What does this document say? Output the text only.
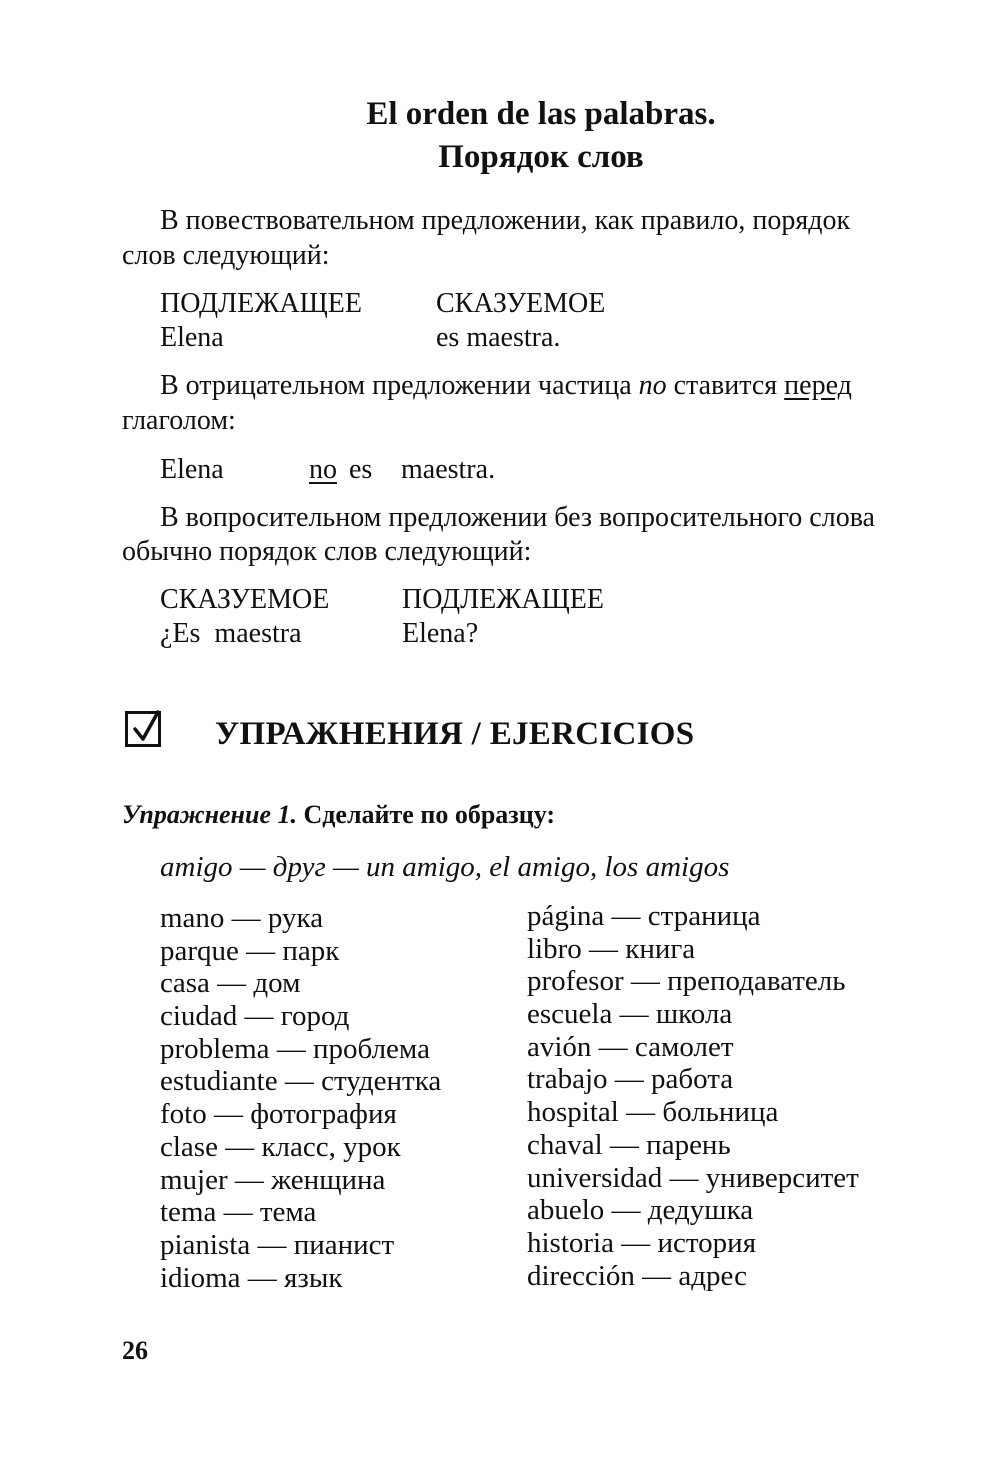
El orden de las palabras.
Порядок слов
В повествовательном предложении, как правило, порядок
слов следующий:
ПОДЛЕЖАЩЕЕ	СКАЗУЕМОЕ
Elena	es maestra.
В отрицательном предложении частица no ставится перед
глаголом:
Elena	no es maestra.
В вопросительном предложении без вопросительного слова
обычно порядок слов следующий:
СКАЗУЕМОЕ	ПОДЛЕЖАЩЕЕ
¿Es  maestra	Elena?
УПРАЖНЕНИЯ / EJERCICIOS
Упражнение 1. Сделайте по образцу:
amigo — друг — un amigo, el amigo, los amigos
mano — рука
parque — парк
casa — дом
ciudad — город
problema — проблема
estudiante — студентка
foto — фотография
clase — класс, урок
mujer — женщина
tema — тема
pianista — пианист
idioma — язык
página — страница
libro — книга
profesor — преподаватель
escuela — школа
avión — самолет
trabajo — работа
hospital — больница
chaval — парень
universidad — университет
abuelo — дедушка
historia — история
dirección — адрес
26
